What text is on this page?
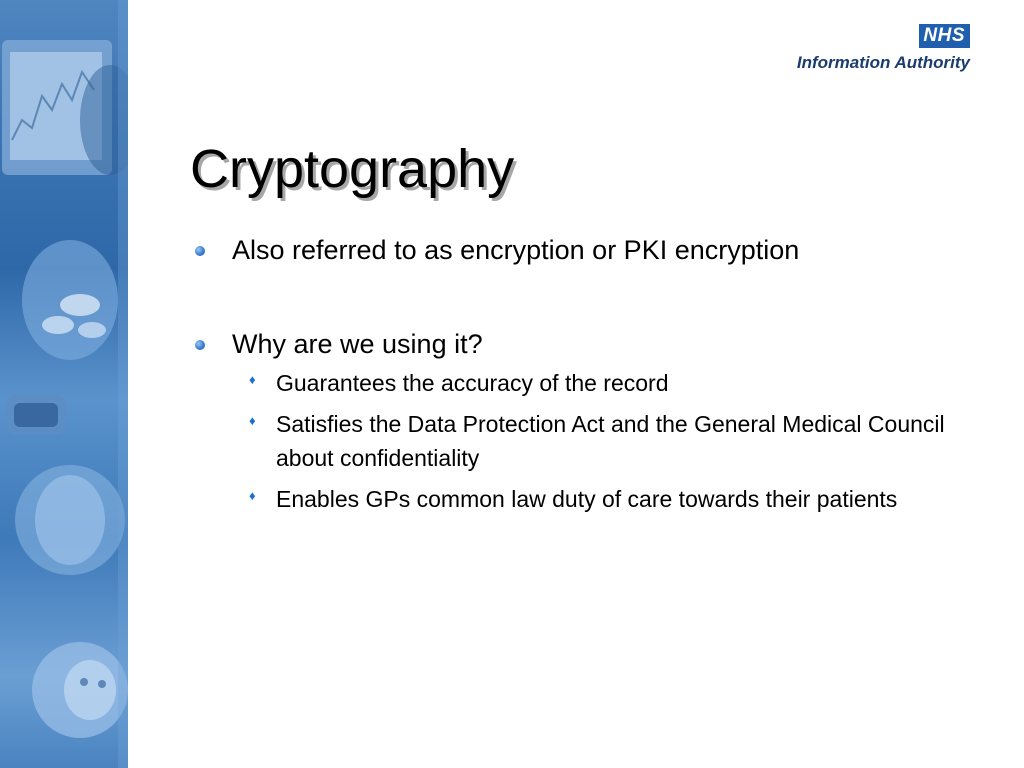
NHS
Information Authority
Cryptography
Also referred to as encryption or PKI encryption
Why are we using it?
♦ Guarantees the accuracy of the record
♦ Satisfies the Data Protection Act and the General Medical Council about confidentiality
♦ Enables GPs common law duty of care towards their patients
